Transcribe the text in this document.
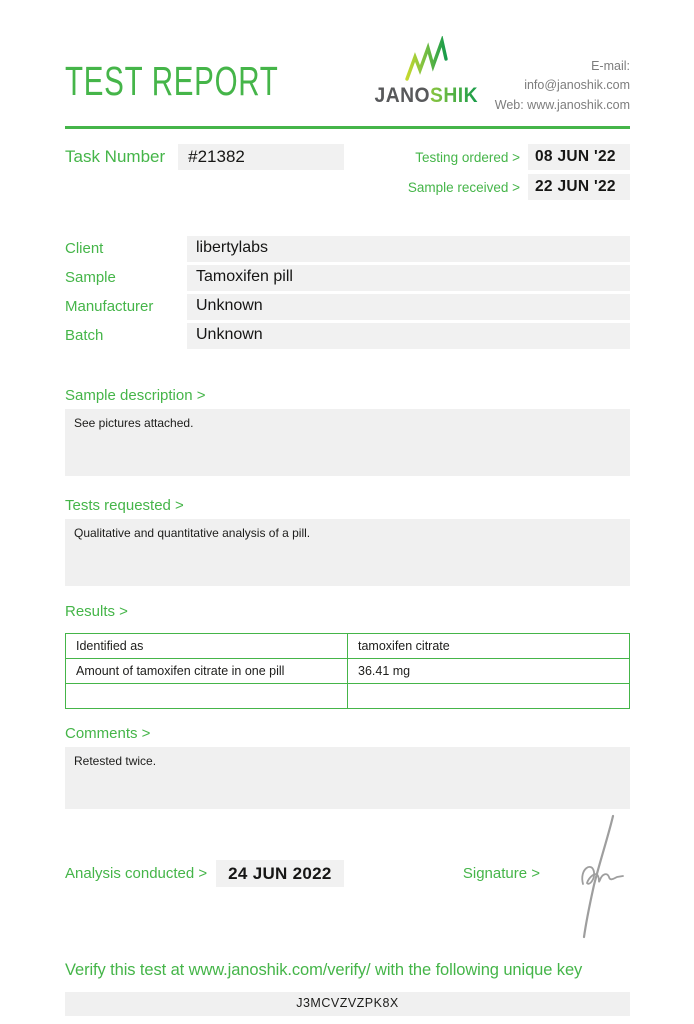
TEST REPORT	JANOSHIK
E-mail: info@janoshik.com
Web: www.janoshik.com
Task Number	#21382	Testing ordered > 08 JUN '22
Sample received > 22 JUN '22
Client	libertylabs
Sample	Tamoxifen pill
Manufacturer	Unknown
Batch	Unknown
Sample description >
See pictures attached.
Tests requested >
Qualitative and quantitative analysis of a pill.
Results >
Identified as	tamoxifen citrate
Amount of tamoxifen citrate in one pill	36.41 mg

Comments >
Retested twice.
Analysis conducted >	24 JUN 2022	Signature >
Verify this test at www.janoshik.com/verify/ with the following unique key
J3MCVZVZPK8X
